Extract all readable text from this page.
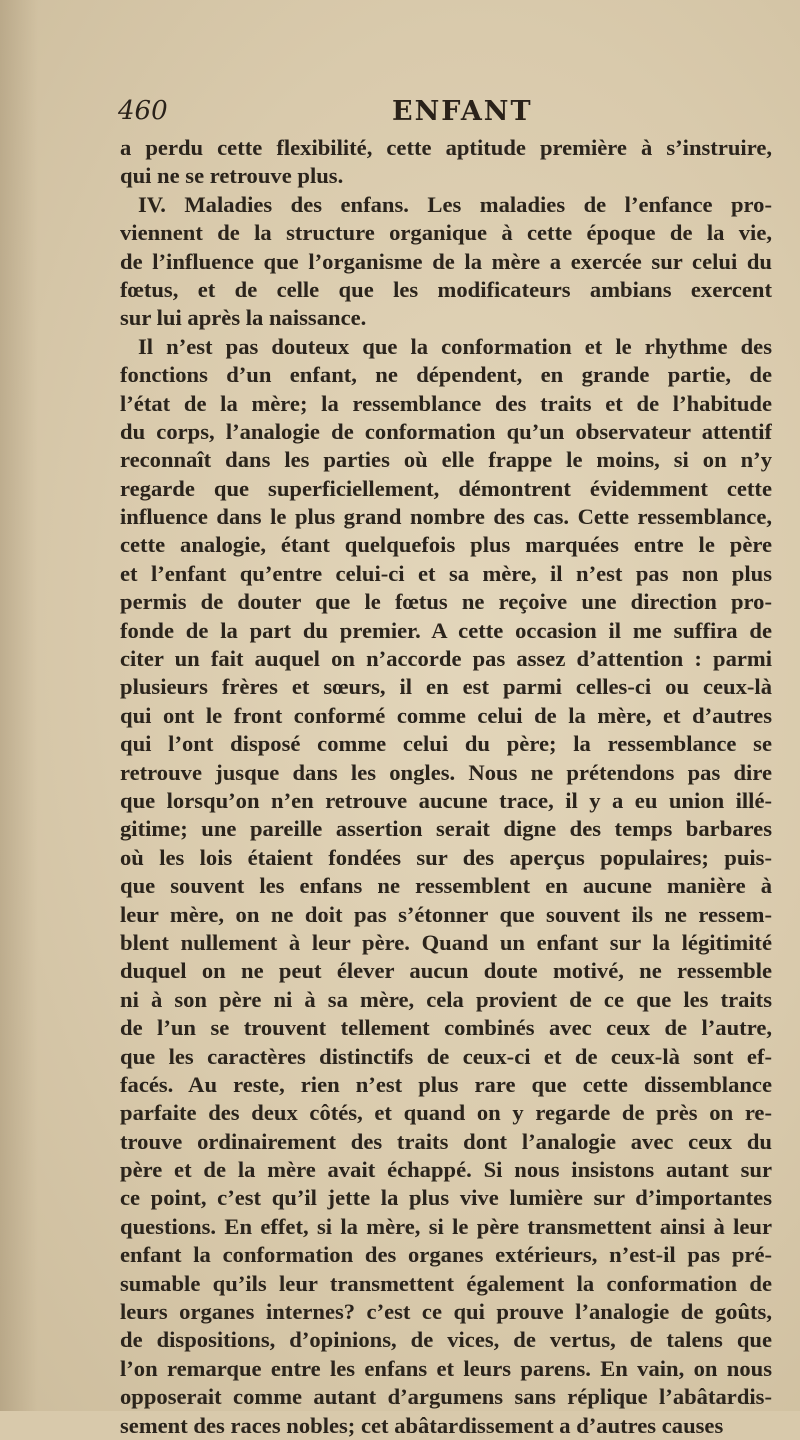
460	ENFANT
a perdu cette flexibilité, cette aptitude première à s’instruire,
qui ne se retrouve plus.
IV. Maladies des enfans. Les maladies de l’enfance pro-
viennent de la structure organique à cette époque de la vie,
de l’influence que l’organisme de la mère a exercée sur celui du
fœtus, et de celle que les modificateurs ambians exercent
sur lui après la naissance.
Il n’est pas douteux que la conformation et le rhythme des
fonctions d’un enfant, ne dépendent, en grande partie, de
l’état de la mère; la ressemblance des traits et de l’habitude
du corps, l’analogie de conformation qu’un observateur attentif
reconnaît dans les parties où elle frappe le moins, si on n’y
regarde que superficiellement, démontrent évidemment cette
influence dans le plus grand nombre des cas. Cette ressemblance,
cette analogie, étant quelquefois plus marquées entre le père
et l’enfant qu’entre celui-ci et sa mère, il n’est pas non plus
permis de douter que le fœtus ne reçoive une direction pro-
fonde de la part du premier. A cette occasion il me suffira de
citer un fait auquel on n’accorde pas assez d’attention : parmi
plusieurs frères et sœurs, il en est parmi celles-ci ou ceux-là
qui ont le front conformé comme celui de la mère, et d’autres
qui l’ont disposé comme celui du père; la ressemblance se
retrouve jusque dans les ongles. Nous ne prétendons pas dire
que lorsqu’on n’en retrouve aucune trace, il y a eu union illé-
gitime; une pareille assertion serait digne des temps barbares
où les lois étaient fondées sur des aperçus populaires; puis-
que souvent les enfans ne ressemblent en aucune manière à
leur mère, on ne doit pas s’étonner que souvent ils ne ressem-
blent nullement à leur père. Quand un enfant sur la légitimité
duquel on ne peut élever aucun doute motivé, ne ressemble
ni à son père ni à sa mère, cela provient de ce que les traits
de l’un se trouvent tellement combinés avec ceux de l’autre,
que les caractères distinctifs de ceux-ci et de ceux-là sont ef-
facés. Au reste, rien n’est plus rare que cette dissemblance
parfaite des deux côtés, et quand on y regarde de près on re-
trouve ordinairement des traits dont l’analogie avec ceux du
père et de la mère avait échappé. Si nous insistons autant sur
ce point, c’est qu’il jette la plus vive lumière sur d’importantes
questions. En effet, si la mère, si le père transmettent ainsi à leur
enfant la conformation des organes extérieurs, n’est-il pas pré-
sumable qu’ils leur transmettent également la conformation de
leurs organes internes? c’est ce qui prouve l’analogie de goûts,
de dispositions, d’opinions, de vices, de vertus, de talens que
l’on remarque entre les enfans et leurs parens. En vain, on nous
opposerait comme autant d’argumens sans réplique l’abâtardis-
sement des races nobles; cet abâtardissement a d’autres causes
